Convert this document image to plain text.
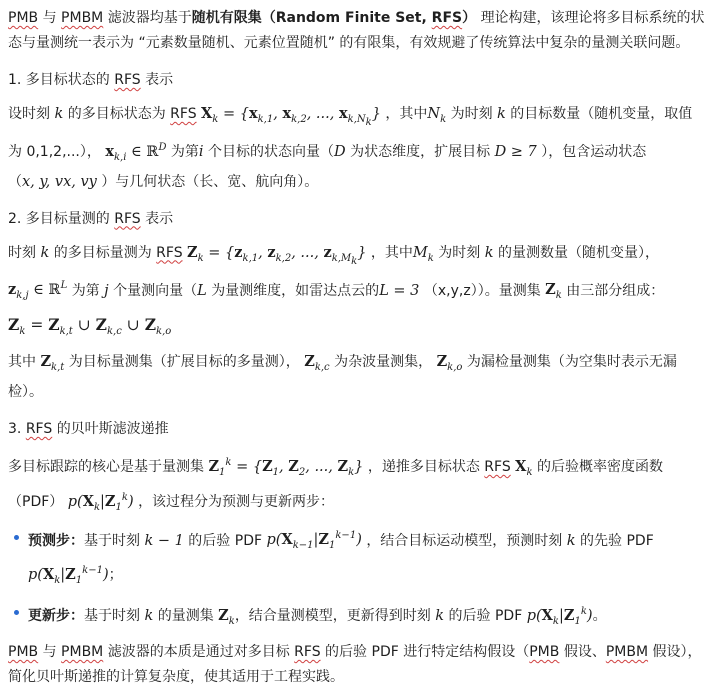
PMB 与 PMBM 滤波器均基于随机有限集（Random Finite Set, RFS） 理论构建，该理论将多目标系统的状态与量测统一表示为 “元素数量随机、元素位置随机” 的有限集，有效规避了传统算法中复杂的量测关联问题。

1. 多目标状态的 RFS 表示

设时刻 k 的多目标状态为 RFS $X_k = \{x_{k,1}$, $x_{k,2}$, ..., $x_{k,N_k}$} ，其中$N_k$ 为时刻 k 的目标数量（随机变量，取值为 0,1,2,...）， $x_{k,i}$ ∈ ℝ$^D$ 为第i 个目标的状态向量（D 为状态维度，扩展目标 D ≥ 7 ），包含运动状态（x, y, vx, vy ）与几何状态（长、宽、航向角）。

2. 多目标量测的 RFS 表示

时刻 k 的多目标量测为 RFS $Z_k = \{z_{k,1}$, $z_{k,2}$, ..., $z_{k,M_k}$} ，其中$M_k$ 为时刻 k 的量测数量（随机变量）， $z_{k,j}$ ∈ ℝ$^L$ 为第 j 个量测向量（L 为量测维度，如雷达点云的L = 3 （x,y,z））。量测集 $Z_k$ 由三部分组成：

$Z_k = Z_{k,t}$ ∪ $Z_{k,c}$ ∪ $Z_{k,o}$

其中 $Z_{k,t}$ 为目标量测集（扩展目标的多量测）， $Z_{k,c}$ 为杂波量测集， $Z_{k,o}$ 为漏检量测集（为空集时表示无漏检）。

3. RFS 的贝叶斯滤波递推

多目标跟踪的核心是基于量测集 $Z_1^k = \{Z_1$, $Z_2$, ..., $Z_k$} ，递推多目标状态 RFS $X_k$ 的后验概率密度函数（PDF） $p(X_k|Z_1^k)$ ，该过程分为预测与更新两步：

预测步：基于时刻 k − 1 的后验 PDF $p(X_{k-1}|Z_1^{k-1})$ ，结合目标运动模型，预测时刻 k 的先验 PDF $p(X_k|Z_1^{k-1})$；
更新步：基于时刻 k 的量测集 $Z_k$，结合量测模型，更新得到时刻 k 的后验 PDF $p(X_k|Z_1^k)$。

PMB 与 PMBM 滤波器的本质是通过对多目标 RFS 的后验 PDF 进行特定结构假设（PMB 假设、PMBM 假设），简化贝叶斯递推的计算复杂度，使其适用于工程实践。
